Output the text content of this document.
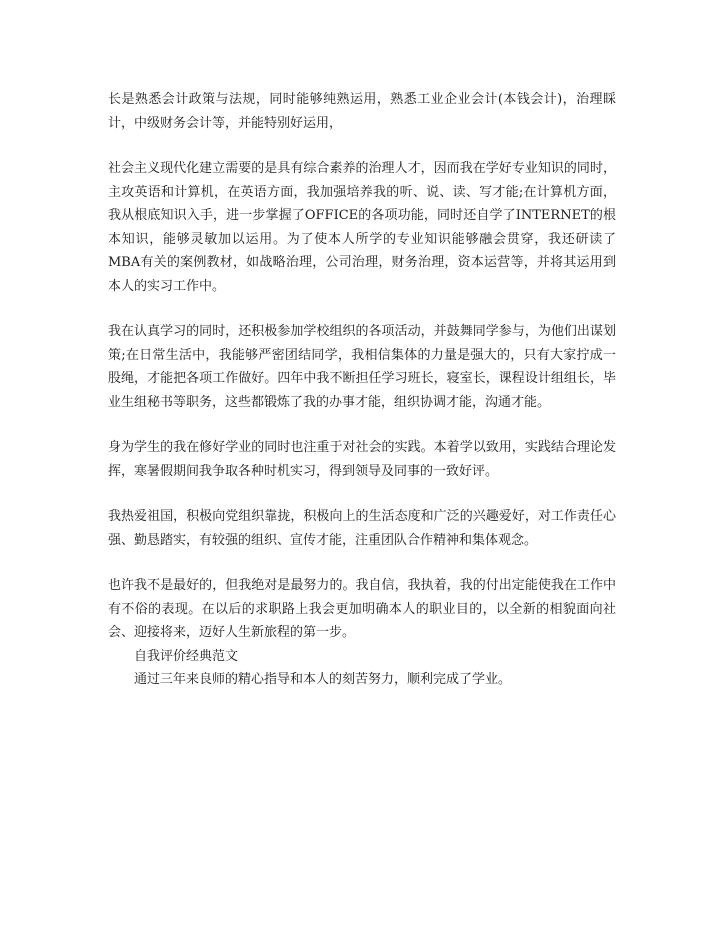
长是熟悉会计政策与法规，同时能够纯熟运用，熟悉工业企业会计(本钱会计)，治理睬计，中级财务会计等，并能特别好运用，

社会主义现代化建立需要的是具有综合素养的治理人才，因而我在学好专业知识的同时，主攻英语和计算机，在英语方面，我加强培养我的听、说、读、写才能;在计算机方面，我从根底知识入手，进一步掌握了OFFICE的各项功能，同时还自学了INTERNET的根本知识，能够灵敏加以运用。为了使本人所学的专业知识能够融会贯穿，我还研读了MBA有关的案例教材，如战略治理，公司治理，财务治理，资本运营等，并将其运用到本人的实习工作中。

我在认真学习的同时，还积极参加学校组织的各项活动，并鼓舞同学参与，为他们出谋划策;在日常生活中，我能够严密团结同学，我相信集体的力量是强大的，只有大家拧成一股绳，才能把各项工作做好。四年中我不断担任学习班长，寝室长，课程设计组组长，毕业生组秘书等职务，这些都锻炼了我的办事才能，组织协调才能，沟通才能。

身为学生的我在修好学业的同时也注重于对社会的实践。本着学以致用，实践结合理论发挥，寒暑假期间我争取各种时机实习，得到领导及同事的一致好评。

我热爱祖国，积极向党组织靠拢，积极向上的生活态度和广泛的兴趣爱好，对工作责任心强、勤恳踏实，有较强的组织、宣传才能，注重团队合作精神和集体观念。

也许我不是最好的，但我绝对是最努力的。我自信，我执着，我的付出定能使我在工作中有不俗的表现。在以后的求职路上我会更加明确本人的职业目的，以全新的相貌面向社会、迎接将来，迈好人生新旅程的第一步。

自我评价经典范文

通过三年来良师的精心指导和本人的刻苦努力，顺利完成了学业。
